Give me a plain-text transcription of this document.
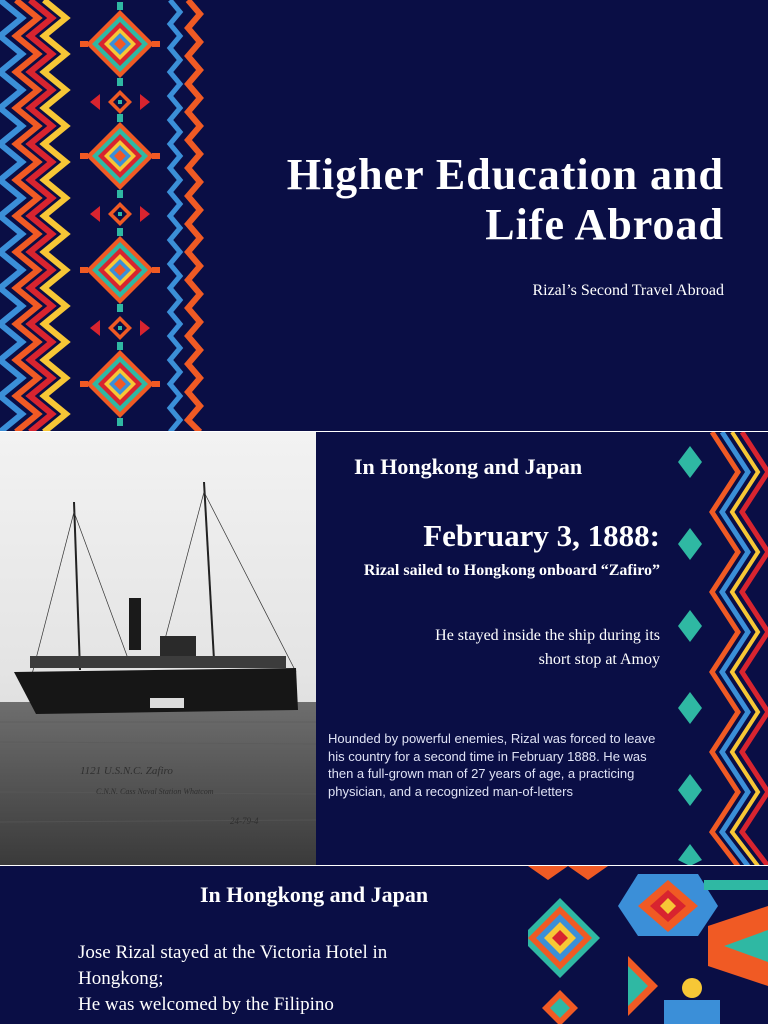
Higher Education and
Life Abroad
Rizal’s Second Travel Abroad
1121 U.S.N.C. Zafiro
C.N.N. Cass Naval Station Whatcom
24-79-4
In Hongkong and Japan
February 3, 1888:
Rizal sailed to Hongkong onboard “Zafiro”
He stayed inside the ship during its
short stop at Amoy
Hounded by powerful enemies, Rizal was forced to leave his country for a second time in February 1888. He was then a full-grown man of 27 years of age, a practicing physician, and a recognized man-of-letters
In Hongkong and Japan
Jose Rizal stayed at the Victoria Hotel in
Hongkong;
He was welcomed by the Filipino
